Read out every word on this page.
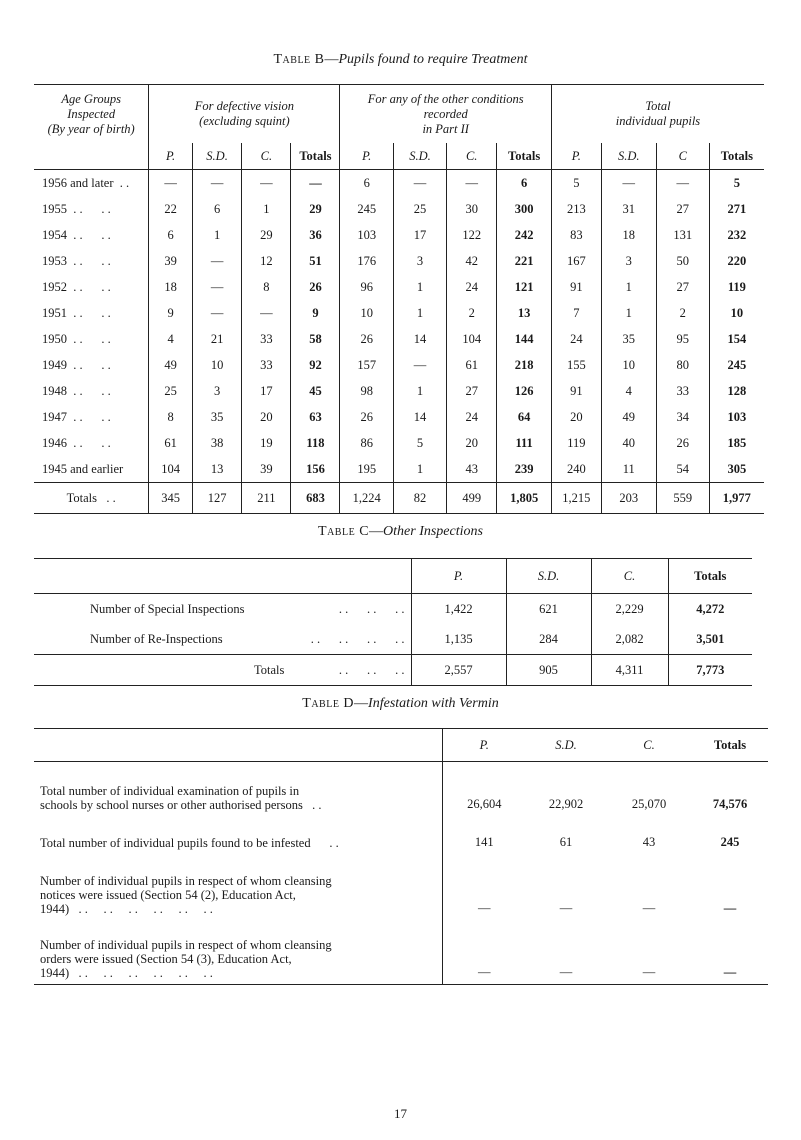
Table B—Pupils found to require Treatment
Age Groups
Inspected
(By year of birth)	For defective vision
(excluding squint)				For any of the other conditions
recorded
in Part II				Total
individual pupils			
	P.	S.D.	C.	Totals	P.	S.D.	C.	Totals	P.	S.D.	C	Totals
1956 and later  . .	—	—	—	—	6	—	—	6	5	—	—	5
1955  . .      . .	22	6	1	29	245	25	30	300	213	31	27	271
1954  . .      . .	6	1	29	36	103	17	122	242	83	18	131	232
1953  . .      . .	39	—	12	51	176	3	42	221	167	3	50	220
1952  . .      . .	18	—	8	26	96	1	24	121	91	1	27	119
1951  . .      . .	9	—	—	9	10	1	2	13	7	1	2	10
1950  . .      . .	4	21	33	58	26	14	104	144	24	35	95	154
1949  . .      . .	49	10	33	92	157	—	61	218	155	10	80	245
1948  . .      . .	25	3	17	45	98	1	27	126	91	4	33	128
1947  . .      . .	8	35	20	63	26	14	24	64	20	49	34	103
1946  . .      . .	61	38	19	118	86	5	20	111	119	40	26	185
1945 and earlier	104	13	39	156	195	1	43	239	240	11	54	305
Totals   . .	345	127	211	683	1,224	82	499	1,805	1,215	203	559	1,977
Table C—Other Inspections
	P.	S.D.	C.	Totals
Number of Special Inspections . .      . .      . .	1,422	621	2,229	4,272
Number of Re-Inspections . .      . .      . .      . .	1,135	284	2,082	3,501
Totals . .      . .      . .	2,557	905	4,311	7,773
Table D—Infestation with Vermin
	P.	S.D.	C.	Totals

Total number of individual examination of pupils in
schools by school nurses or other authorised persons   . .	26,604	22,902	25,070	74,576

Total number of individual pupils found to be infested      . .	141	61	43	245

Number of individual pupils in respect of whom cleansing
notices were issued (Section 54 (2), Education Act,
1944)   . .     . .     . .     . .     . .     . .	—	—	—	—

Number of individual pupils in respect of whom cleansing
orders were issued (Section 54 (3), Education Act,
1944)   . .     . .     . .     . .     . .     . .	—	—	—	—
17
